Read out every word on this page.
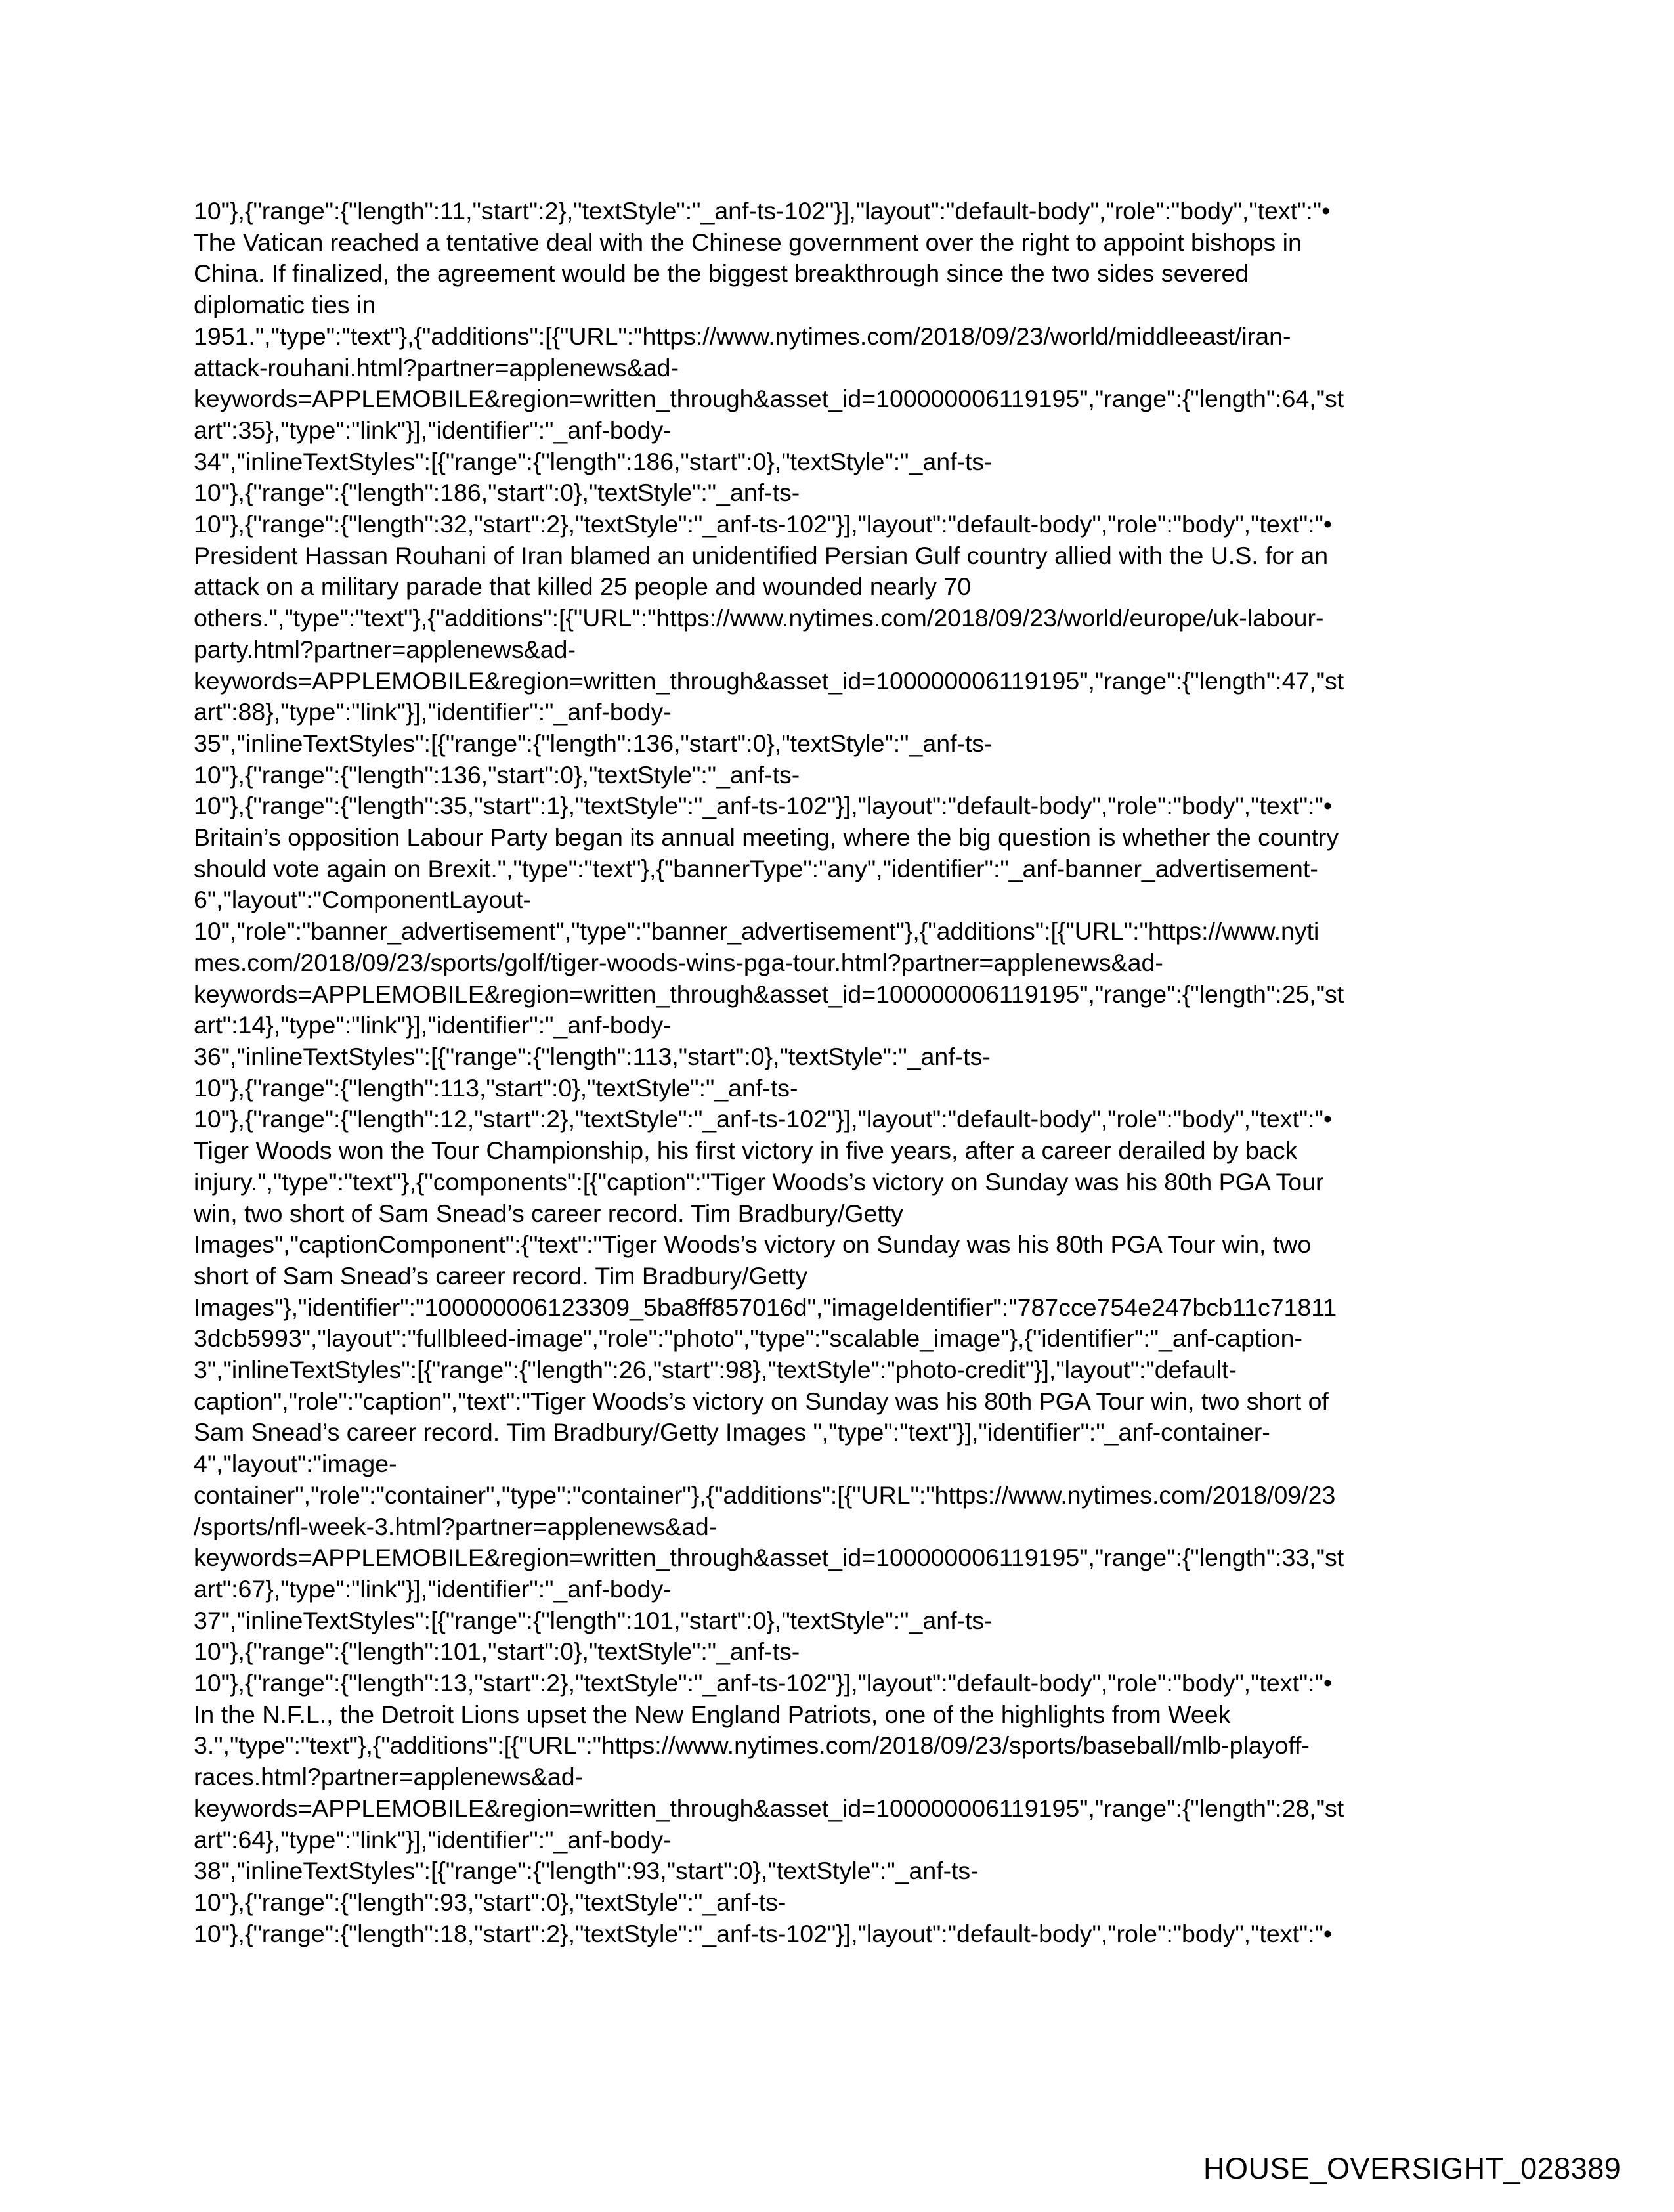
10"},{"range":{"length":11,"start":2},"textStyle":"_anf-ts-102"}],"layout":"default-body","role":"body","text":"•
The Vatican reached a tentative deal with the Chinese government over the right to appoint bishops in
China. If finalized, the agreement would be the biggest breakthrough since the two sides severed
diplomatic ties in
1951.","type":"text"},{"additions":[{"URL":"https://www.nytimes.com/2018/09/23/world/middleeast/iran-
attack-rouhani.html?partner=applenews&ad-
keywords=APPLEMOBILE&region=written_through&asset_id=100000006119195","range":{"length":64,"st
art":35},"type":"link"}],"identifier":"_anf-body-
34","inlineTextStyles":[{"range":{"length":186,"start":0},"textStyle":"_anf-ts-
10"},{"range":{"length":186,"start":0},"textStyle":"_anf-ts-
10"},{"range":{"length":32,"start":2},"textStyle":"_anf-ts-102"}],"layout":"default-body","role":"body","text":"•
President Hassan Rouhani of Iran blamed an unidentified Persian Gulf country allied with the U.S. for an
attack on a military parade that killed 25 people and wounded nearly 70
others.","type":"text"},{"additions":[{"URL":"https://www.nytimes.com/2018/09/23/world/europe/uk-labour-
party.html?partner=applenews&ad-
keywords=APPLEMOBILE&region=written_through&asset_id=100000006119195","range":{"length":47,"st
art":88},"type":"link"}],"identifier":"_anf-body-
35","inlineTextStyles":[{"range":{"length":136,"start":0},"textStyle":"_anf-ts-
10"},{"range":{"length":136,"start":0},"textStyle":"_anf-ts-
10"},{"range":{"length":35,"start":1},"textStyle":"_anf-ts-102"}],"layout":"default-body","role":"body","text":"•
Britain’s opposition Labour Party began its annual meeting, where the big question is whether the country
should vote again on Brexit.","type":"text"},{"bannerType":"any","identifier":"_anf-banner_advertisement-
6","layout":"ComponentLayout-
10","role":"banner_advertisement","type":"banner_advertisement"},{"additions":[{"URL":"https://www.nyti
mes.com/2018/09/23/sports/golf/tiger-woods-wins-pga-tour.html?partner=applenews&ad-
keywords=APPLEMOBILE&region=written_through&asset_id=100000006119195","range":{"length":25,"st
art":14},"type":"link"}],"identifier":"_anf-body-
36","inlineTextStyles":[{"range":{"length":113,"start":0},"textStyle":"_anf-ts-
10"},{"range":{"length":113,"start":0},"textStyle":"_anf-ts-
10"},{"range":{"length":12,"start":2},"textStyle":"_anf-ts-102"}],"layout":"default-body","role":"body","text":"•
Tiger Woods won the Tour Championship, his first victory in five years, after a career derailed by back
injury.","type":"text"},{"components":[{"caption":"Tiger Woods’s victory on Sunday was his 80th PGA Tour
win, two short of Sam Snead’s career record. Tim Bradbury/Getty
Images","captionComponent":{"text":"Tiger Woods’s victory on Sunday was his 80th PGA Tour win, two
short of Sam Snead’s career record. Tim Bradbury/Getty
Images"},"identifier":"100000006123309_5ba8ff857016d","imageIdentifier":"787cce754e247bcb11c71811
3dcb5993","layout":"fullbleed-image","role":"photo","type":"scalable_image"},{"identifier":"_anf-caption-
3","inlineTextStyles":[{"range":{"length":26,"start":98},"textStyle":"photo-credit"}],"layout":"default-
caption","role":"caption","text":"Tiger Woods’s victory on Sunday was his 80th PGA Tour win, two short of
Sam Snead’s career record. Tim Bradbury/Getty Images ","type":"text"}],"identifier":"_anf-container-
4","layout":"image-
container","role":"container","type":"container"},{"additions":[{"URL":"https://www.nytimes.com/2018/09/23
/sports/nfl-week-3.html?partner=applenews&ad-
keywords=APPLEMOBILE&region=written_through&asset_id=100000006119195","range":{"length":33,"st
art":67},"type":"link"}],"identifier":"_anf-body-
37","inlineTextStyles":[{"range":{"length":101,"start":0},"textStyle":"_anf-ts-
10"},{"range":{"length":101,"start":0},"textStyle":"_anf-ts-
10"},{"range":{"length":13,"start":2},"textStyle":"_anf-ts-102"}],"layout":"default-body","role":"body","text":"•
In the N.F.L., the Detroit Lions upset the New England Patriots, one of the highlights from Week
3.","type":"text"},{"additions":[{"URL":"https://www.nytimes.com/2018/09/23/sports/baseball/mlb-playoff-
races.html?partner=applenews&ad-
keywords=APPLEMOBILE&region=written_through&asset_id=100000006119195","range":{"length":28,"st
art":64},"type":"link"}],"identifier":"_anf-body-
38","inlineTextStyles":[{"range":{"length":93,"start":0},"textStyle":"_anf-ts-
10"},{"range":{"length":93,"start":0},"textStyle":"_anf-ts-
10"},{"range":{"length":18,"start":2},"textStyle":"_anf-ts-102"}],"layout":"default-body","role":"body","text":"•
HOUSE_OVERSIGHT_028389
